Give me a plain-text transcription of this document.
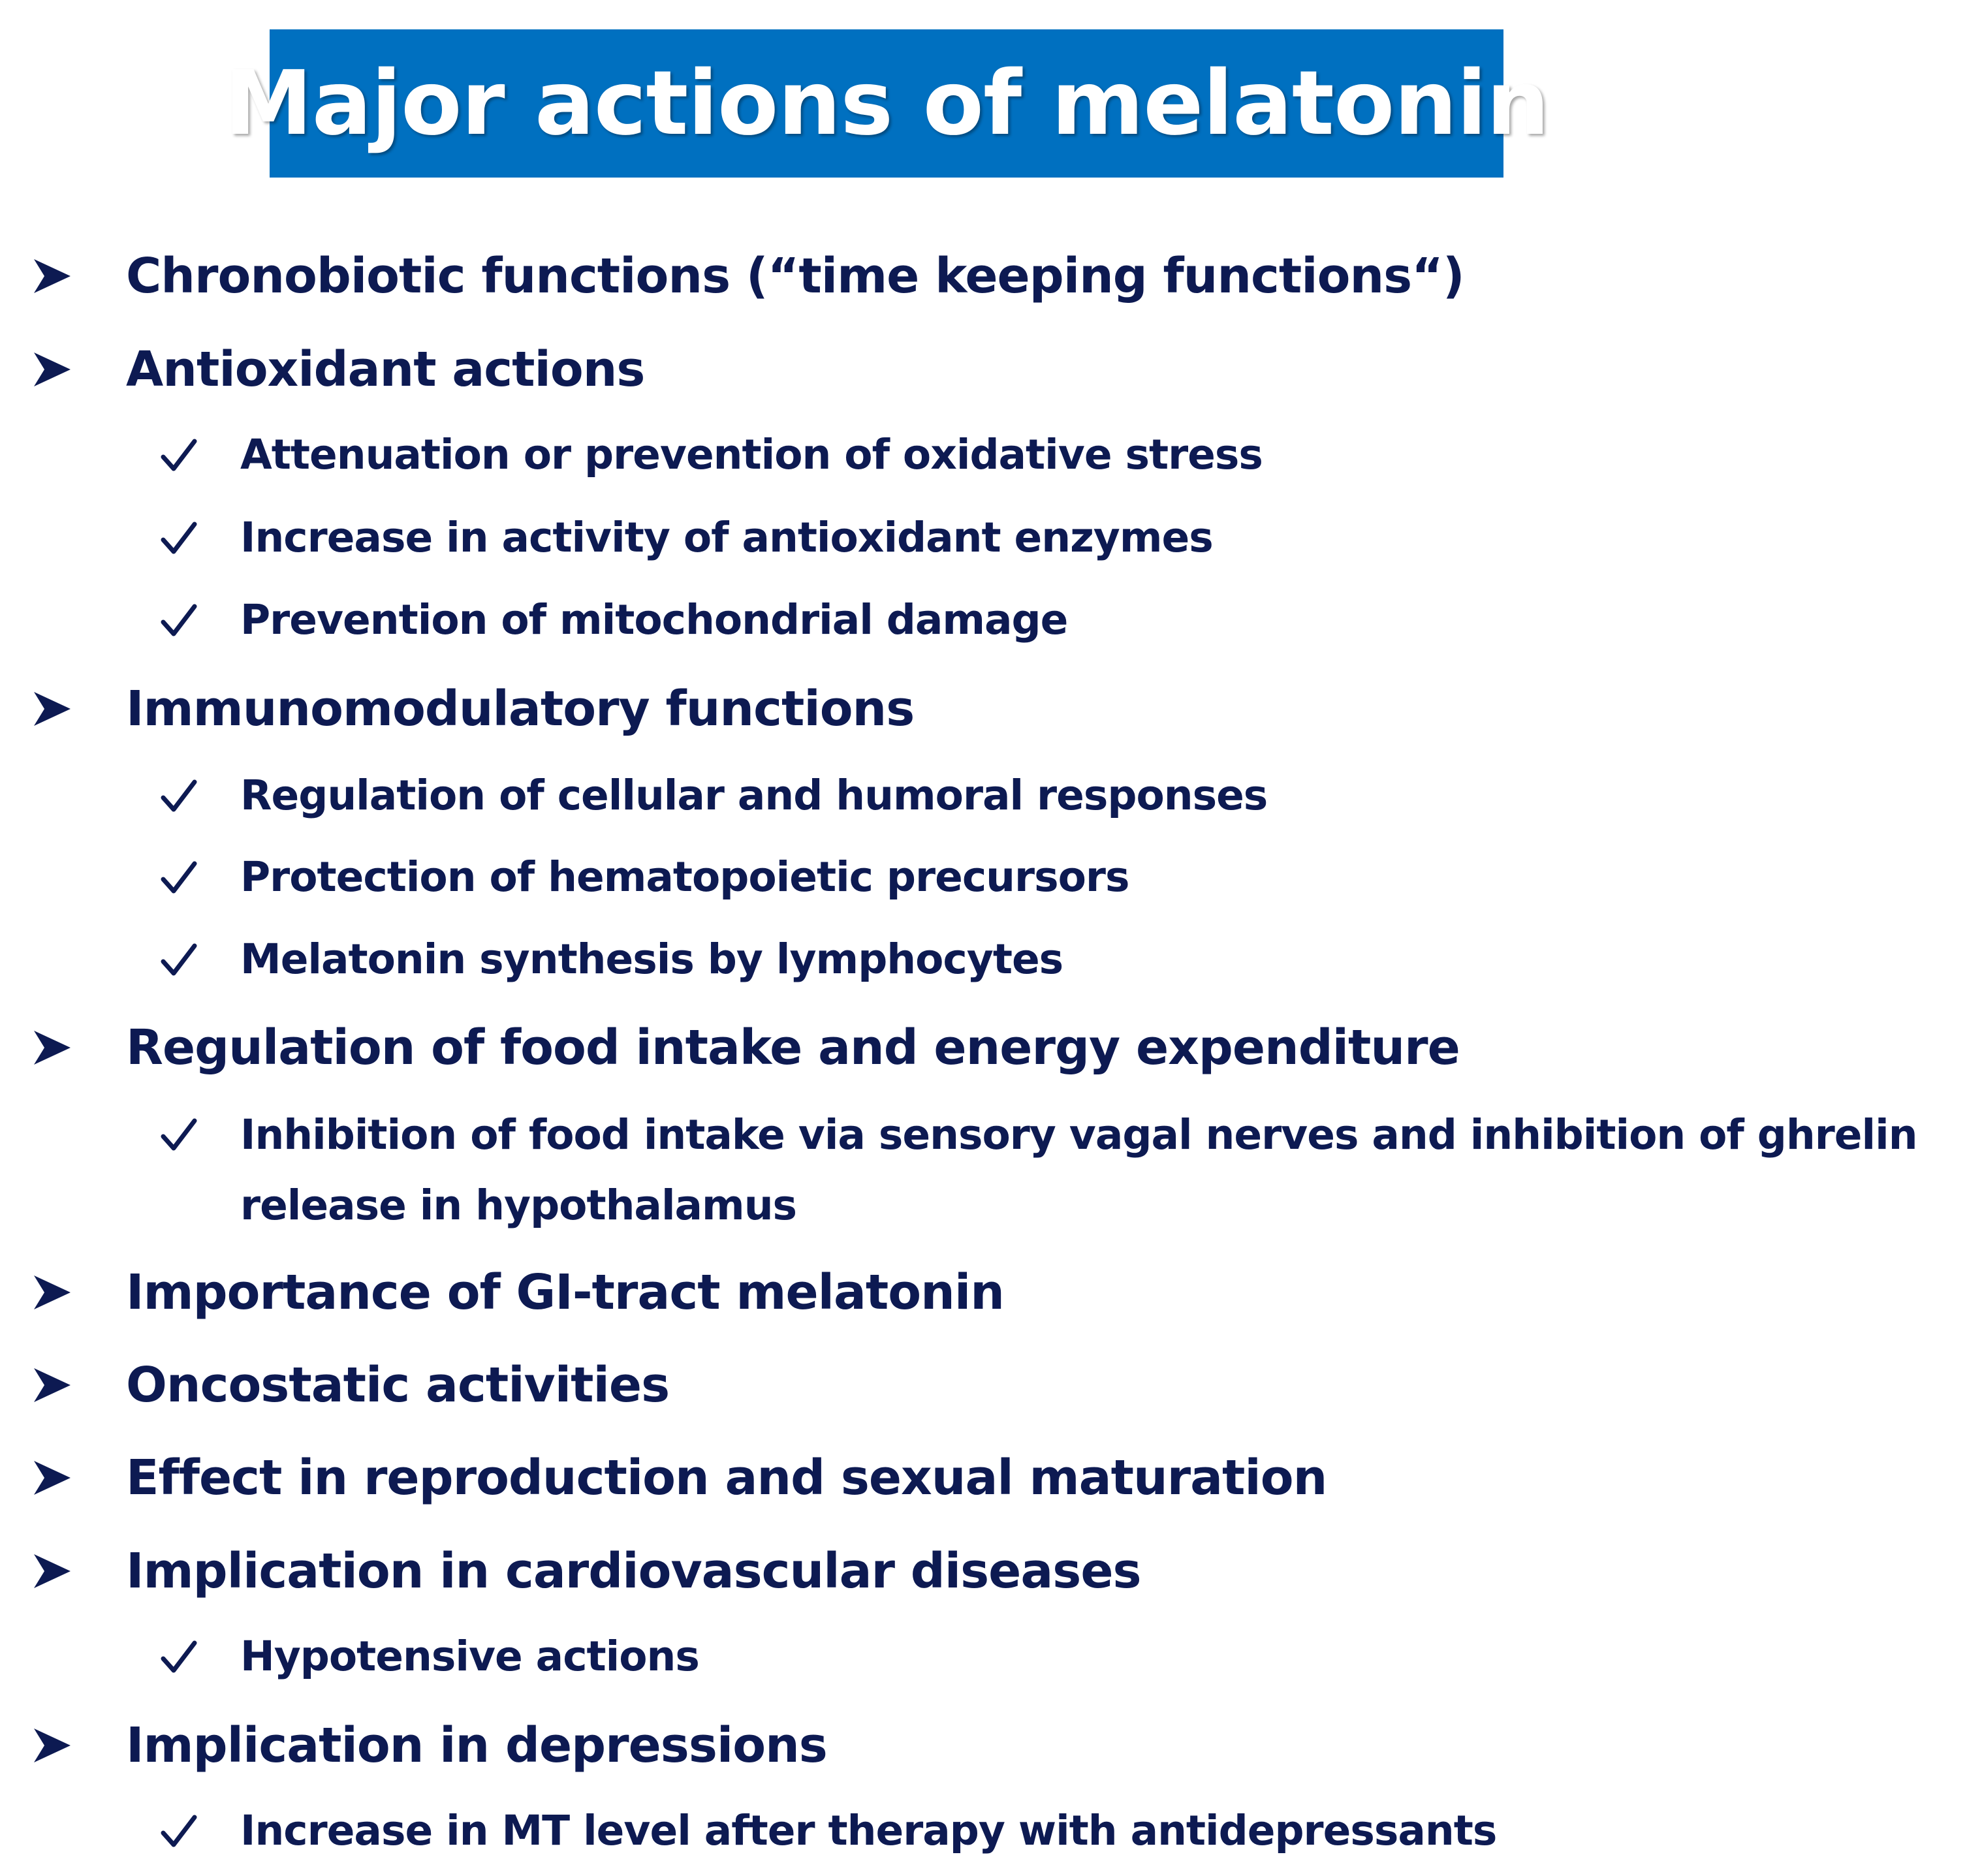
Major actions of melatonin
Chronobiotic functions (“time keeping functions“)
Antioxidant actions
Attenuation or prevention of oxidative stress
Increase in activity of antioxidant enzymes
Prevention of mitochondrial damage
Immunomodulatory functions
Regulation of cellular and humoral responses
Protection of hematopoietic precursors
Melatonin synthesis by lymphocytes
Regulation of food intake and energy expenditure
Inhibition of food intake via sensory vagal nerves and inhibition of ghrelin release in hypothalamus
Importance of GI-tract melatonin
Oncostatic activities
Effect in reproduction and sexual maturation
Implication in cardiovascular diseases
Hypotensive actions
Implication in depressions
Increase in MT level after therapy with antidepressants
